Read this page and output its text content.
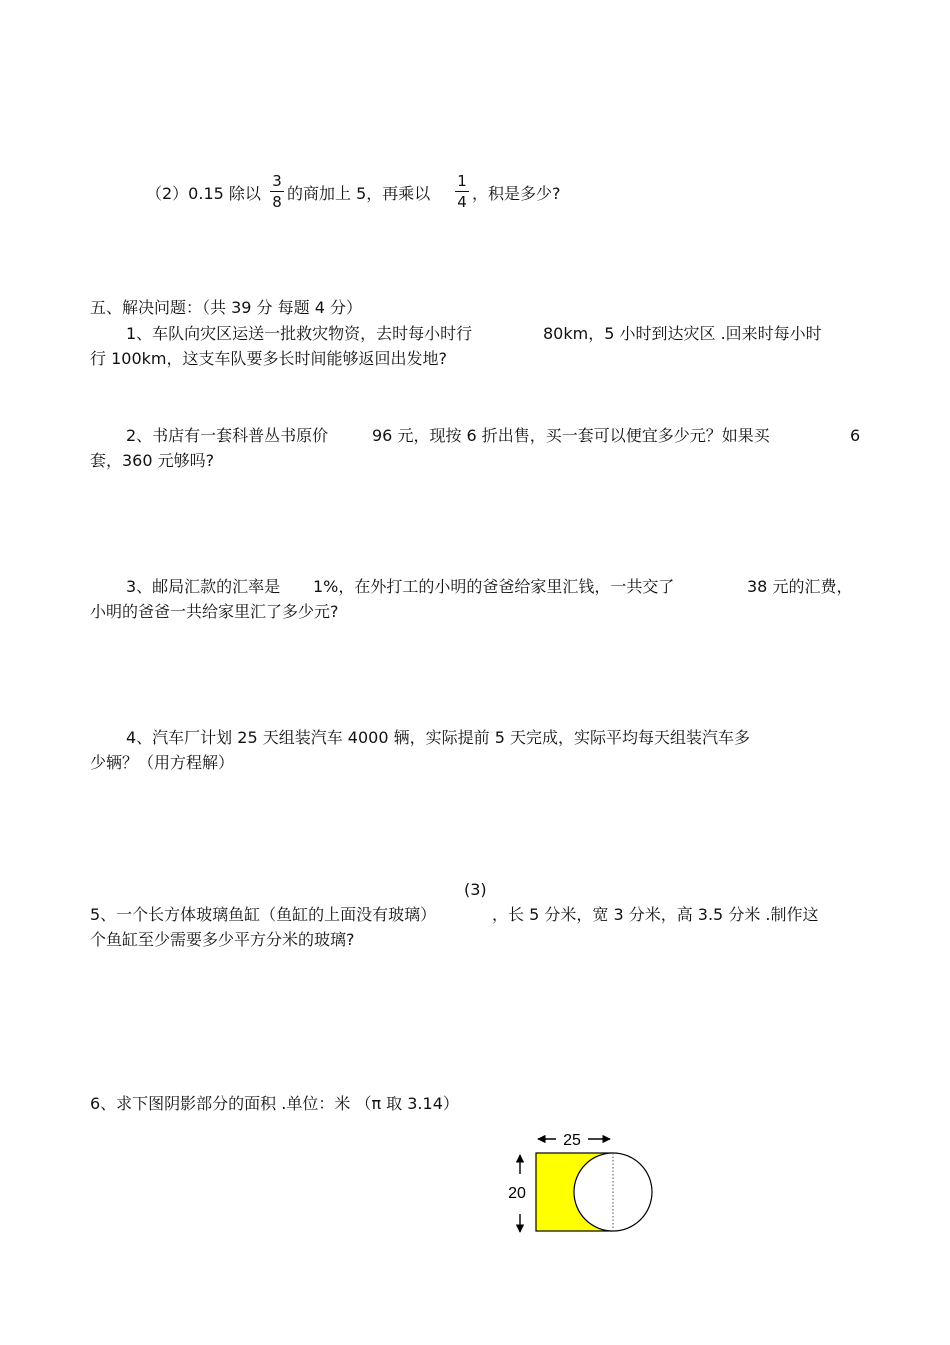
（2）0.15 除以
3
8 的商加上 5，再乘以
1
4 ，积是多少?
五、解决问题：（共 39 分 每题 4 分）
1、车队向灾区运送一批救灾物资，去时每小时行	80km，5 小时到达灾区 .回来时每小时
行 100km，这支车队要多长时间能够返回出发地?
2、书店有一套科普丛书原价	96 元，现按 6 折出售，买一套可以便宜多少元？如果买	6
套，360 元够吗?
3、邮局汇款的汇率是 1%，在外打工的小明的爸爸给家里汇钱，一共交了	38 元的汇费，
小明的爸爸一共给家里汇了多少元?
4、汽车厂计划 25 天组装汽车 4000 辆，实际提前 5 天完成，实际平均每天组装汽车多
少辆？（用方程解）
(3)
5、一个长方体玻璃鱼缸（鱼缸的上面没有玻璃）	，长 5 分米，宽 3 分米，高 3.5 分米 .制作这
个鱼缸至少需要多少平方分米的玻璃?
6、求下图阴影部分的面积 .单位：米 （π 取 3.14）
25
20
